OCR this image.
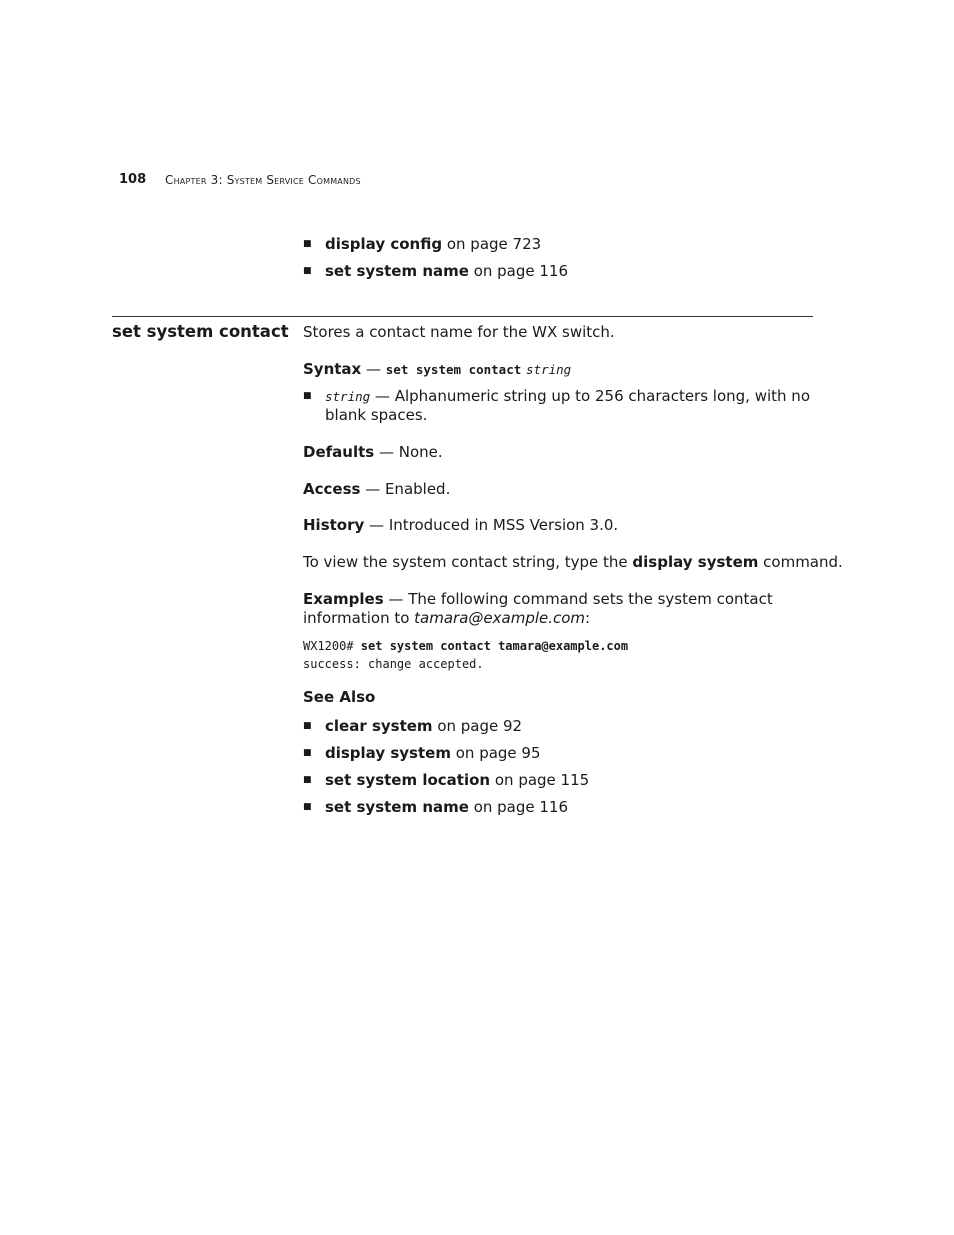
108 Chapter 3: System Service Commands
■ display config on page 723
■ set system name on page 116
set system contact Stores a contact name for the WX switch.
Syntax — set system contact string
■ string — Alphanumeric string up to 256 characters long, with no
blank spaces.
Defaults — None.
Access — Enabled.
History — Introduced in MSS Version 3.0.
To view the system contact string, type the display system command.
Examples — The following command sets the system contact
information to tamara@example.com:
WX1200# set system contact tamara@example.com
success: change accepted.
See Also
■ clear system on page 92
■ display system on page 95
■ set system location on page 115
■ set system name on page 116
